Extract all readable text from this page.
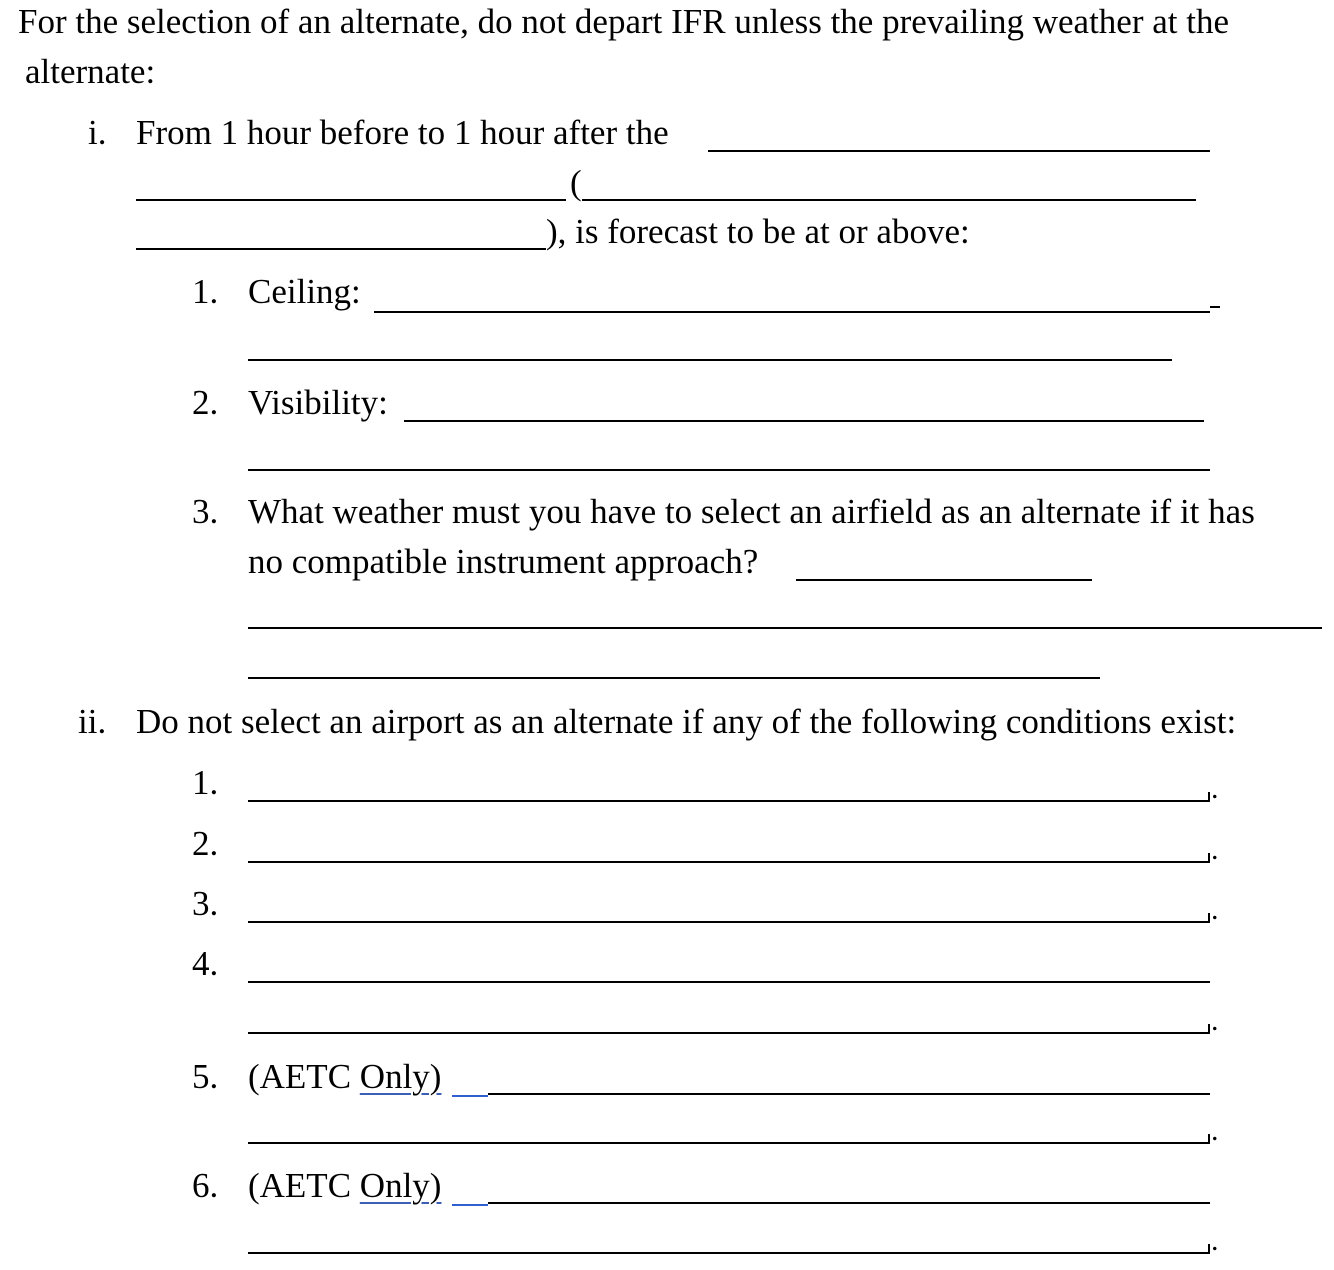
For the selection of an alternate, do not depart IFR unless the prevailing weather at the
alternate:
i. From 1 hour before to 1 hour after the
(
), is forecast to be at or above:
1. Ceiling:
2. Visibility:
3. What weather must you have to select an airfield as an alternate if it has
no compatible instrument approach?
ii. Do not select an airport as an alternate if any of the following conditions exist:
1.	.
2.	.
3.	.
4.
.
5. (AETC Only)
.
6. (AETC Only)
.
